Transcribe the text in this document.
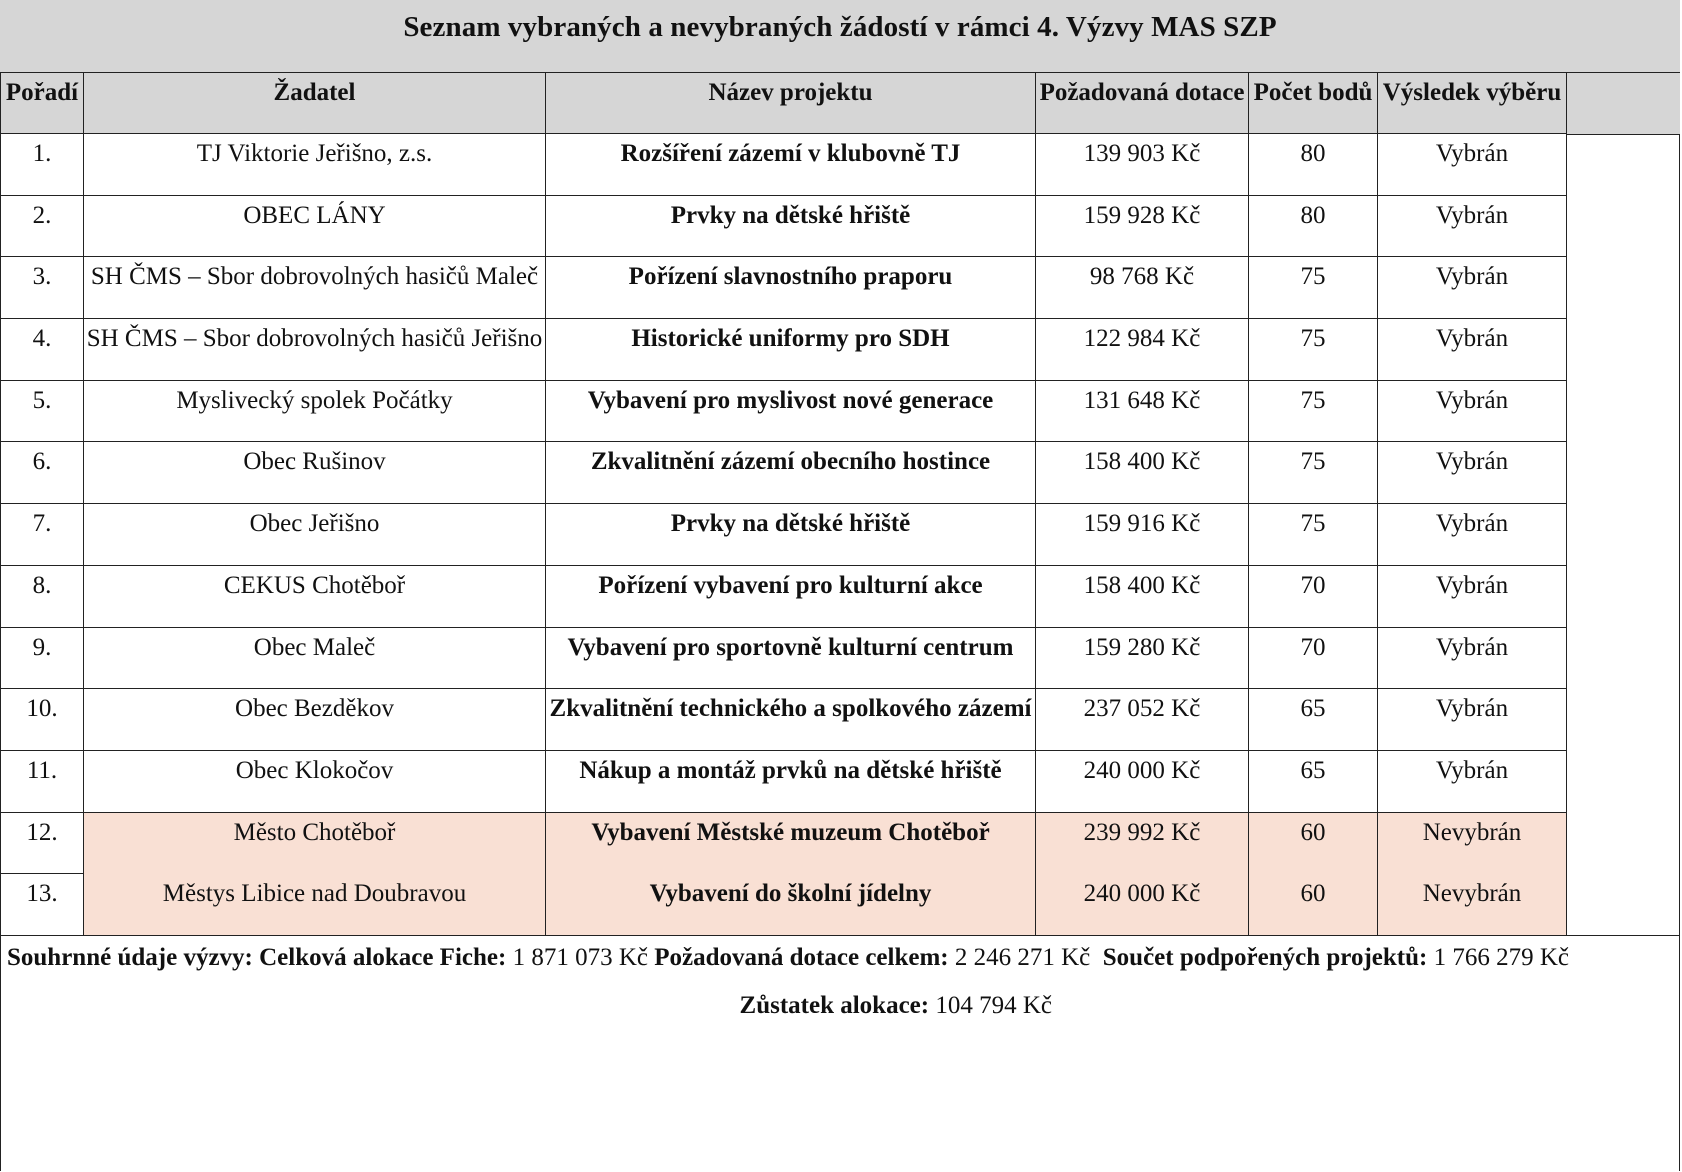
Seznam vybraných a nevybraných žádostí v rámci 4. Výzvy MAS SZP
Pořadí	Žadatel	Název projektu	Požadovaná dotace	Počet bodů	Výsledek výběru
1.	TJ Viktorie Jeřišno, z.s.	Rozšíření zázemí v klubovně TJ	139 903 Kč	80	Vybrán
2.	OBEC LÁNY	Prvky na dětské hřiště	159 928 Kč	80	Vybrán
3.	SH ČMS – Sbor dobrovolných hasičů Maleč	Pořízení slavnostního praporu	98 768 Kč	75	Vybrán
4.	SH ČMS – Sbor dobrovolných hasičů Jeřišno	Historické uniformy pro SDH	122 984 Kč	75	Vybrán
5.	Myslivecký spolek Počátky	Vybavení pro myslivost nové generace	131 648 Kč	75	Vybrán
6.	Obec Rušinov	Zkvalitnění zázemí obecního hostince	158 400 Kč	75	Vybrán
7.	Obec Jeřišno	Prvky na dětské hřiště	159 916 Kč	75	Vybrán
8.	CEKUS Chotěboř	Pořízení vybavení pro kulturní akce	158 400 Kč	70	Vybrán
9.	Obec Maleč	Vybavení pro sportovně kulturní centrum	159 280 Kč	70	Vybrán
10.	Obec Bezděkov	Zkvalitnění technického a spolkového zázemí	237 052 Kč	65	Vybrán
11.	Obec Klokočov	Nákup a montáž prvků na dětské hřiště	240 000 Kč	65	Vybrán
12.	Město Chotěboř	Vybavení Městské muzeum Chotěboř	239 992 Kč	60	Nevybrán
13.	Městys Libice nad Doubravou	Vybavení do školní jídelny	240 000 Kč	60	Nevybrán
Souhrnné údaje výzvy: Celková alokace Fiche: 1 871 073 Kč Požadovaná dotace celkem: 2 246 271 Kč Součet podpořených projektů: 1 766 279 Kč
Zůstatek alokace: 104 794 Kč
